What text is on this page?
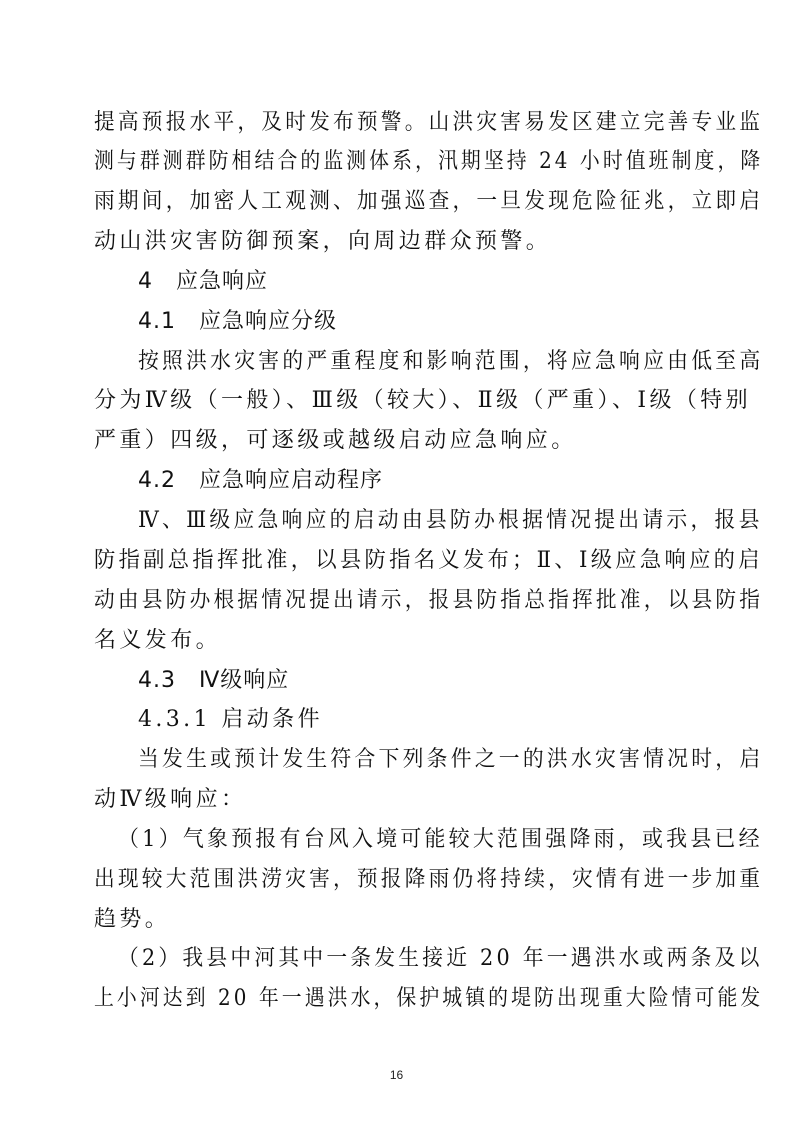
提高预报水平，及时发布预警。山洪灾害易发区建立完善专业监
测与群测群防相结合的监测体系，汛期坚持 24 小时值班制度，降
雨期间，加密人工观测、加强巡查，一旦发现危险征兆，立即启
动山洪灾害防御预案，向周边群众预警。
4　应急响应
4.1　应急响应分级
按照洪水灾害的严重程度和影响范围，将应急响应由低至高
分为Ⅳ级（一般）、Ⅲ级（较大）、Ⅱ级（严重）、Ⅰ级（特别
严重）四级，可逐级或越级启动应急响应。
4.2　应急响应启动程序
Ⅳ、Ⅲ级应急响应的启动由县防办根据情况提出请示，报县
防指副总指挥批准，以县防指名义发布；Ⅱ、Ⅰ级应急响应的启
动由县防办根据情况提出请示，报县防指总指挥批准，以县防指
名义发布。
4.3　Ⅳ级响应
4.3.1 启动条件
当发生或预计发生符合下列条件之一的洪水灾害情况时，启
动Ⅳ级响应：
（1）气象预报有台风入境可能较大范围强降雨，或我县已经
出现较大范围洪涝灾害，预报降雨仍将持续，灾情有进一步加重
趋势。
（2）我县中河其中一条发生接近 20 年一遇洪水或两条及以
上小河达到 20 年一遇洪水，保护城镇的堤防出现重大险情可能发
16
